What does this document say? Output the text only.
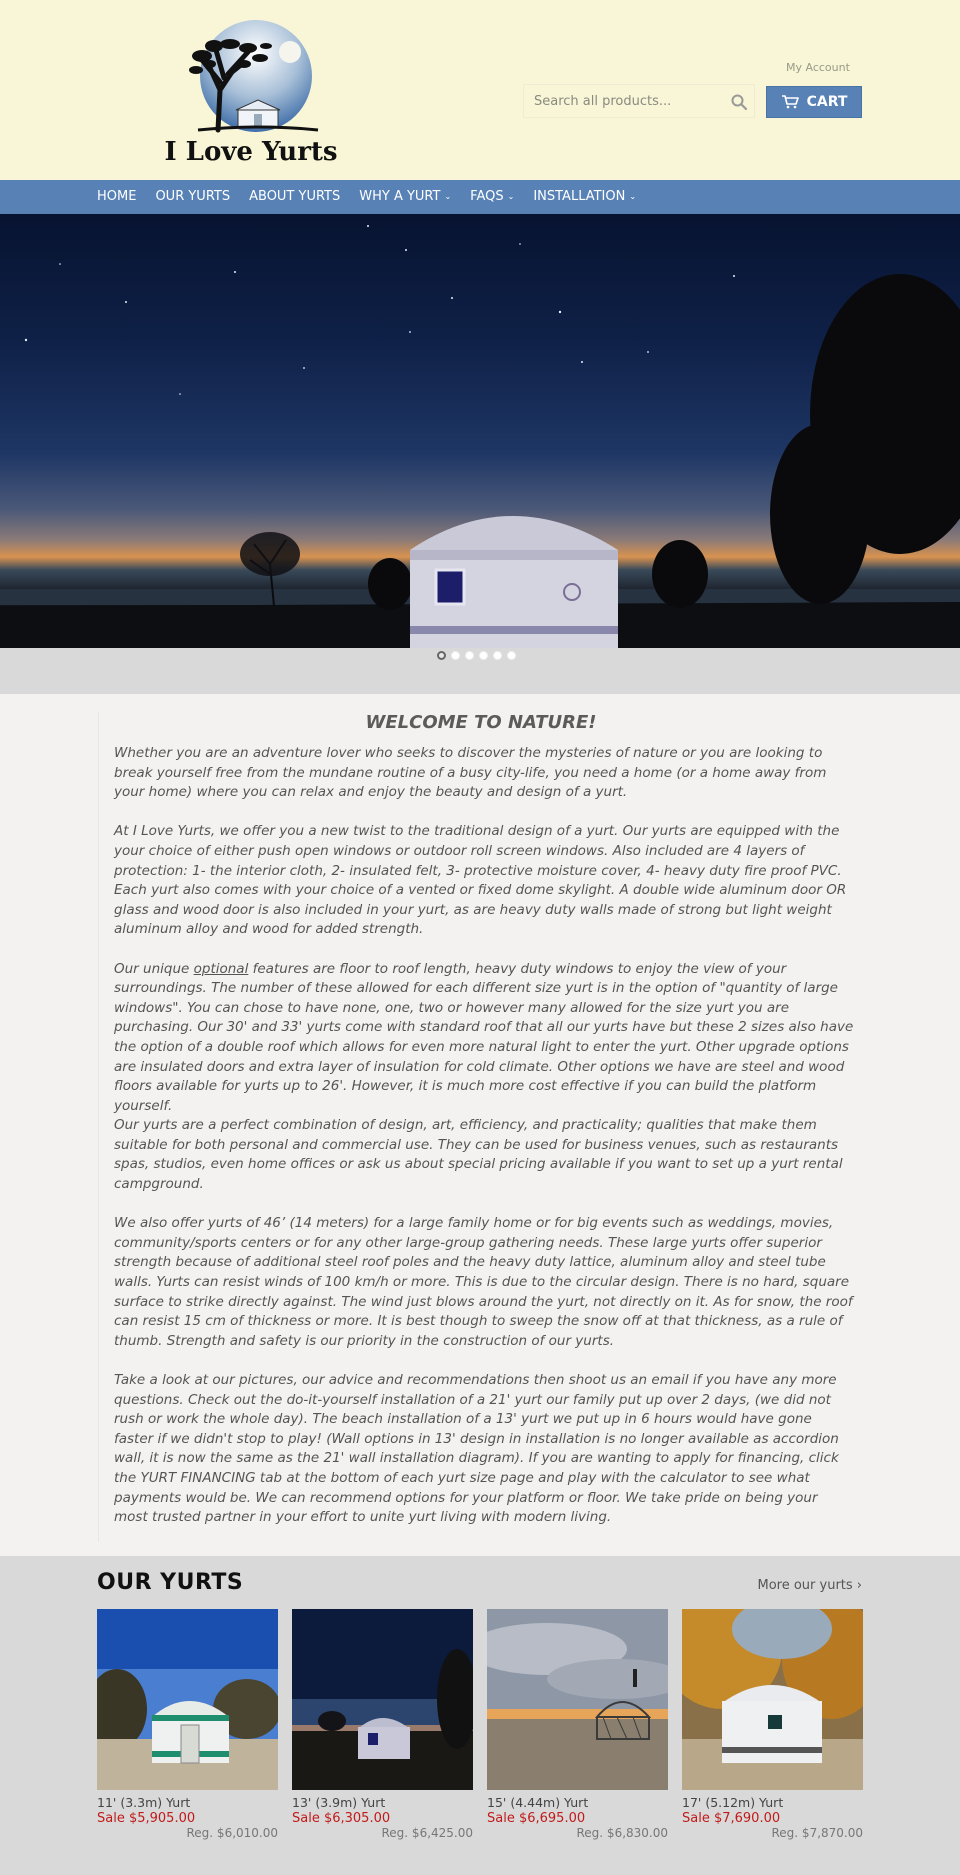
I Love Yurts
My Account
Search all products...
CART
HOME OUR YURTS ABOUT YURTS WHY A YURT ⌄ FAQS ⌄ INSTALLATION ⌄
WELCOME TO NATURE!

Whether you are an adventure lover who seeks to discover the mysteries of nature or you are looking to break yourself free from the mundane routine of a busy city-life, you need a home (or a home away from your home) where you can relax and enjoy the beauty and design of a yurt.

At I Love Yurts, we offer you a new twist to the traditional design of a yurt. Our yurts are equipped with the your choice of either push open windows or outdoor roll screen windows. Also included are 4 layers of protection: 1- the interior cloth, 2- insulated felt, 3- protective moisture cover, 4- heavy duty fire proof PVC. Each yurt also comes with your choice of a vented or fixed dome skylight. A double wide aluminum door OR glass and wood door is also included in your yurt, as are heavy duty walls made of strong but light weight aluminum alloy and wood for added strength.

Our unique optional features are floor to roof length, heavy duty windows to enjoy the view of your surroundings. The number of these allowed for each different size yurt is in the option of "quantity of large windows". You can chose to have none, one, two or however many allowed for the size yurt you are purchasing. Our 30' and 33' yurts come with standard roof that all our yurts have but these 2 sizes also have the option of a double roof which allows for even more natural light to enter the yurt. Other upgrade options are insulated doors and extra layer of insulation for cold climate. Other options we have are steel and wood floors available for yurts up to 26'. However, it is much more cost effective if you can build the platform yourself.

Our yurts are a perfect combination of design, art, efficiency, and practicality; qualities that make them suitable for both personal and commercial use. They can be used for business venues, such as restaurants spas, studios, even home offices or ask us about special pricing available if you want to set up a yurt rental campground.

We also offer yurts of 46’ (14 meters) for a large family home or for big events such as weddings, movies, community/sports centers or for any other large-group gathering needs. These large yurts offer superior strength because of additional steel roof poles and the heavy duty lattice, aluminum alloy and steel tube walls. Yurts can resist winds of 100 km/h or more. This is due to the circular design. There is no hard, square surface to strike directly against. The wind just blows around the yurt, not directly on it. As for snow, the roof can resist 15 cm of thickness or more. It is best though to sweep the snow off at that thickness, as a rule of thumb. Strength and safety is our priority in the construction of our yurts.

Take a look at our pictures, our advice and recommendations then shoot us an email if you have any more questions. Check out the do-it-yourself installation of a 21' yurt our family put up over 2 days, (we did not rush or work the whole day). The beach installation of a 13' yurt we put up in 6 hours would have gone faster if we didn't stop to play! (Wall options in 13' design in installation is no longer available as accordion wall, it is now the same as the 21' wall installation diagram). If you are wanting to apply for financing, click the YURT FINANCING tab at the bottom of each yurt size page and play with the calculator to see what payments would be. We can recommend options for your platform or floor. We take pride on being your most trusted partner in your effort to unite yurt living with modern living.

OUR YURTS	More our yurts ›
11' (3.3m) Yurt
Sale $5,905.00
Reg. $6,010.00
13' (3.9m) Yurt
Sale $6,305.00
Reg. $6,425.00
15' (4.44m) Yurt
Sale $6,695.00
Reg. $6,830.00
17' (5.12m) Yurt
Sale $7,690.00
Reg. $7,870.00
